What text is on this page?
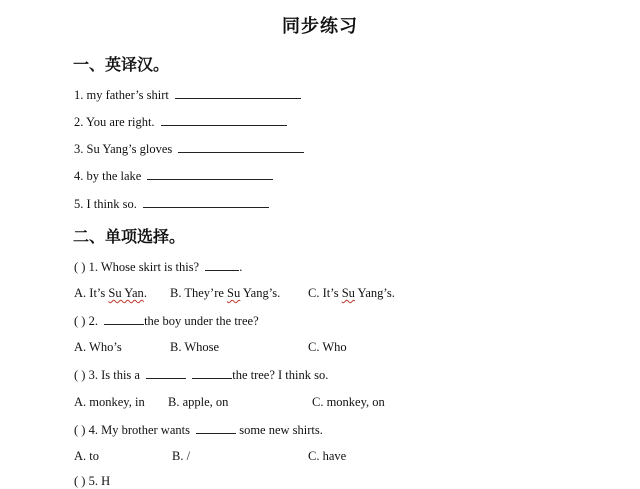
同步练习
一、英译汉。
1. my father’s shirt
2. You are right.
3. Su Yang’s gloves
4. by the lake
5. I think so.
二、单项选择。
( ) 1. Whose skirt is this?	.
A. It’s Su Yan. B. They’re Su Yang’s. C. It’s Su Yang’s.
( ) 2.	the boy under the tree?
A. Who’s	B. Whose	C. Who
( ) 3. Is this a	the tree? I think so.
A. monkey, in B. apple, on	C. monkey, on
( ) 4. My brother wants	some new shirts.
A. to	B. /	C. have
( ) 5. H
